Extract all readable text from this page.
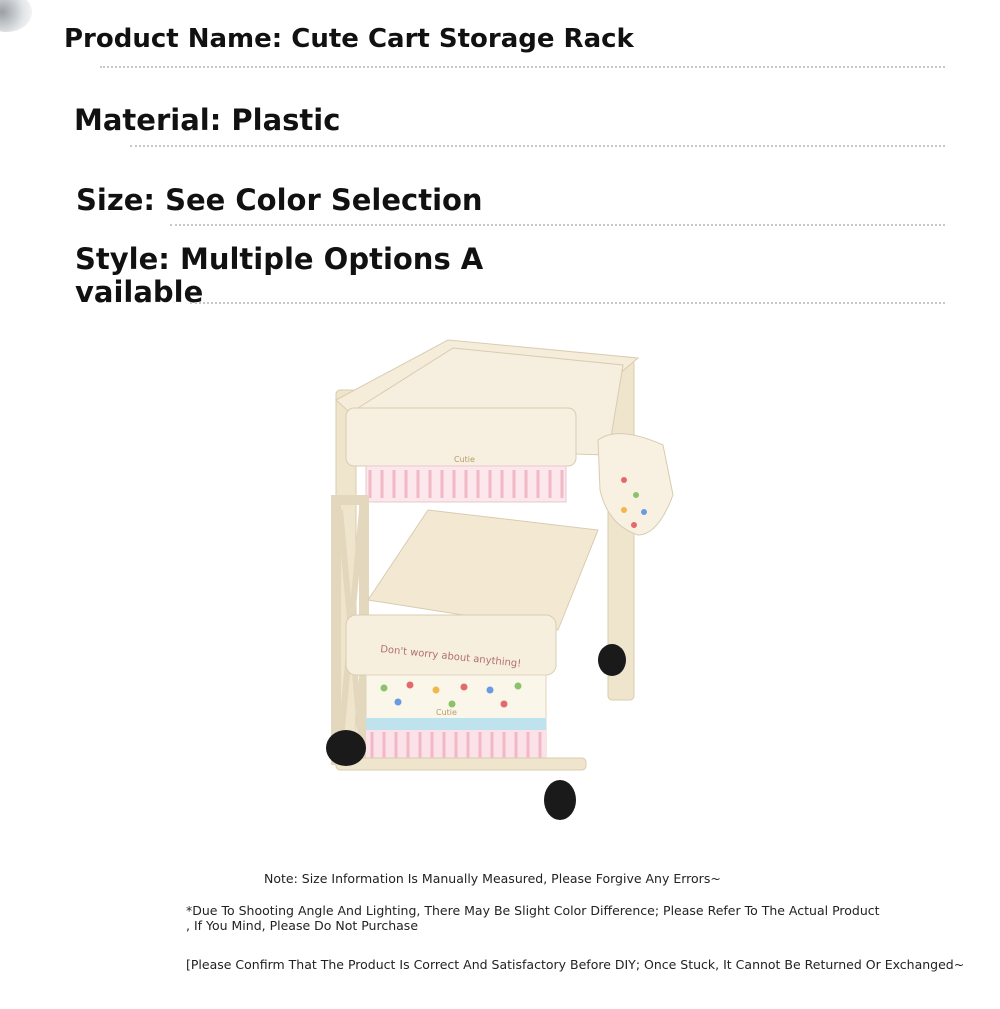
Product Name: Cute Cart Storage Rack
Material: Plastic
Size: See Color Selection
Style: Multiple Options A
vailable
Cutie
Don't worry about anything!
Cutie
Note: Size Information Is Manually Measured, Please Forgive Any Errors~
*Due To Shooting Angle And Lighting, There May Be Slight Color Difference; Please Refer To The Actual Product
, If You Mind, Please Do Not Purchase
[Please Confirm That The Product Is Correct And Satisfactory Before DIY; Once Stuck, It Cannot Be Returned Or Exchanged~
